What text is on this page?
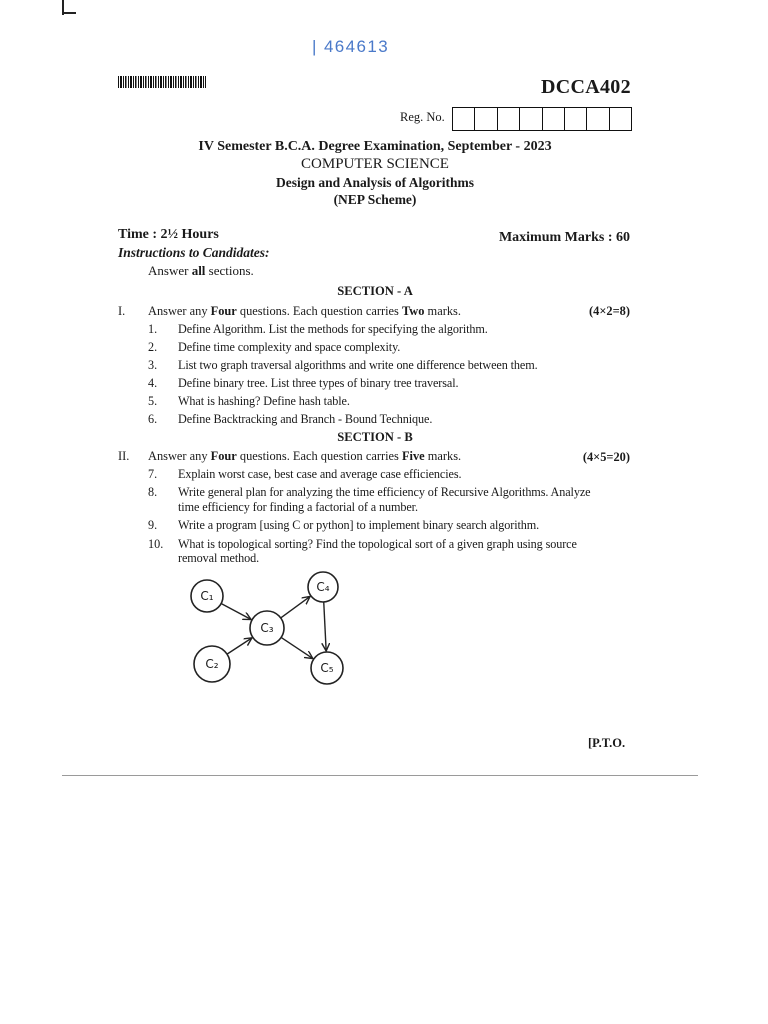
| 464613
DCCA402
Reg. No.
IV Semester B.C.A. Degree Examination, September - 2023
COMPUTER SCIENCE
Design and Analysis of Algorithms
(NEP Scheme)
Time : 2½ Hours	Maximum Marks : 60
Instructions to Candidates:
Answer all sections.
SECTION - A
I. Answer any Four questions. Each question carries Two marks.	(4×2=8)
1. Define Algorithm. List the methods for specifying the algorithm.
2. Define time complexity and space complexity.
3. List two graph traversal algorithms and write one difference between them.
4. Define binary tree. List three types of binary tree traversal.
5. What is hashing? Define hash table.
6. Define Backtracking and Branch - Bound Technique.
SECTION - B
II. Answer any Four questions. Each question carries Five marks.	(4×5=20)
7. Explain worst case, best case and average case efficiencies.
8. Write general plan for analyzing the time efficiency of Recursive Algorithms. Analyze
time efficiency for finding a factorial of a number.
9. Write a program [using C or python] to implement binary search algorithm.
10. What is topological sorting? Find the topological sort of a given graph using source
removal method.
C₁
C₂
C₃
C₄
C₅
[P.T.O.
